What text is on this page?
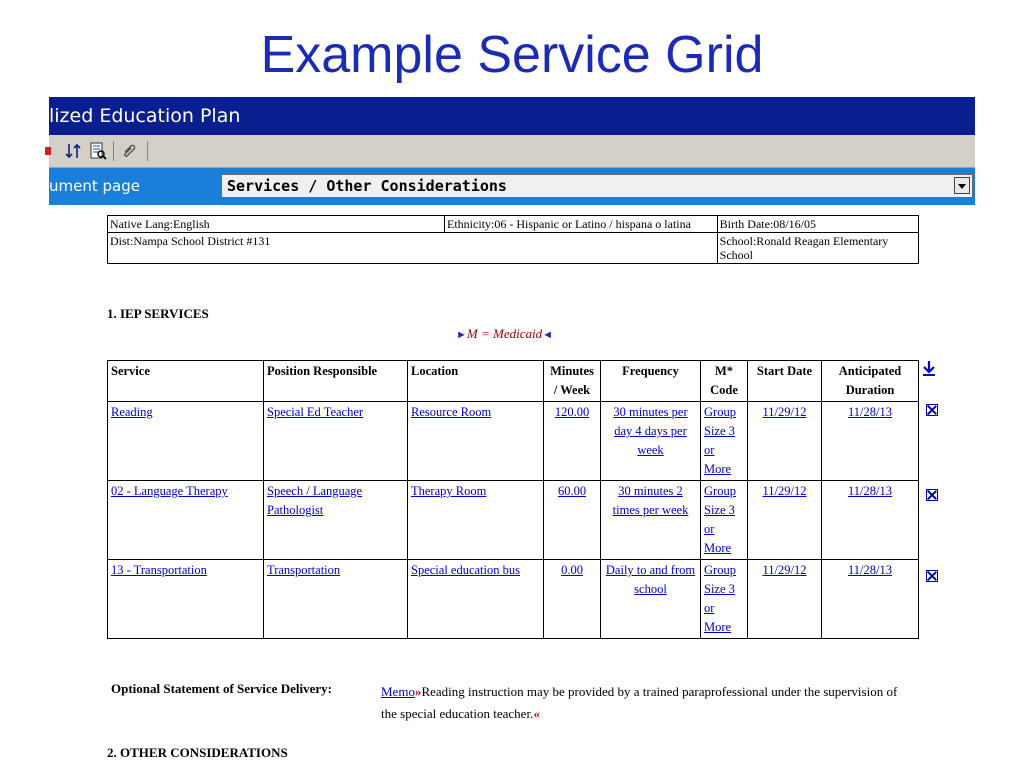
Example Service Grid
lized Education Plan
ument page	Services / Other Considerations
Native Lang:English	Ethnicity:06 - Hispanic or Latino / hispana o latina	Birth Date:08/16/05
Dist:Nampa School District #131		School:Ronald Reagan Elementary School
1. IEP SERVICES
►M = Medicaid◄
Service	Position Responsible	Location	Minutes / Week	Frequency	M* Code	Start Date	Anticipated Duration
Reading	Special Ed Teacher	Resource Room	120.00	30 minutes per day 4 days per week	Group Size 3 or More	11/29/12	11/28/13
02 - Language Therapy	Speech / Language Pathologist	Therapy Room	60.00	30 minutes 2 times per week	Group Size 3 or More	11/29/12	11/28/13
13 - Transportation	Transportation	Special education bus	0.00	Daily to and from school	Group Size 3 or More	11/29/12	11/28/13
Optional Statement of Service Delivery:	Memo»Reading instruction may be provided by a trained paraprofessional under the supervision of the special education teacher.«
2. OTHER CONSIDERATIONS
